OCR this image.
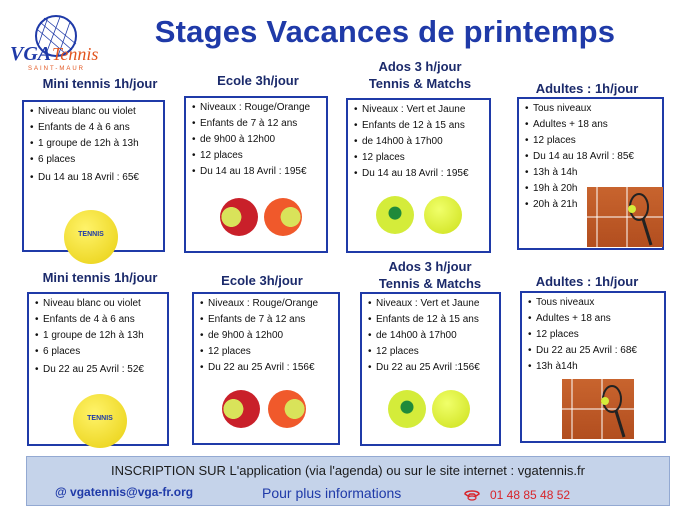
VGA Tennis
SAINT-MAUR
Stages Vacances de printemps
Mini tennis 1h/jour	Ecole 3h/jour
Ados 3 h/jour
Tennis & Matchs	Adultes : 1h/jour
• Niveau blanc ou violet
• Enfants de 4 à 6 ans
• 1 groupe de 12h à 13h
• 6 places
• Du 14 au 18 Avril : 65€
TENNIS
• Niveaux : Rouge/Orange
• Enfants de 7 à 12 ans
• de 9h00 à 12h00
• 12 places
• Du 14 au 18 Avril : 195€
• Niveaux : Vert et Jaune
• Enfants de 12 à 15 ans
• de 14h00 à 17h00
• 12 places
• Du 14 au 18 Avril : 195€
• Tous niveaux
• Adultes + 18 ans
• 12 places
• Du 14 au 18 Avril : 85€
• 13h à 14h
• 19h à 20h
• 20h à 21h
Mini tennis 1h/jour	Ecole 3h/jour
Ados 3 h/jour
Tennis & Matchs	Adultes : 1h/jour
• Niveau blanc ou violet
• Enfants de 4 à 6 ans
• 1 groupe de 12h à 13h
• 6 places
• Du 22 au 25 Avril : 52€
TENNIS
• Niveaux : Rouge/Orange
• Enfants de 7 à 12 ans
• de 9h00 à 12h00
• 12 places
• Du 22 au 25 Avril : 156€
• Niveaux : Vert et Jaune
• Enfants de 12 à 15 ans
• de 14h00 à 17h00
• 12 places
• Du 22 au 25 Avril :156€
• Tous niveaux
• Adultes + 18 ans
• 12 places
• Du 22 au 25 Avril : 68€
• 13h à14h
INSCRIPTION SUR L'application (via l'agenda) ou sur le site internet : vgatennis.fr
@ vgatennis@vga-fr.org	Pour plus informations	01 48 85 48 52
